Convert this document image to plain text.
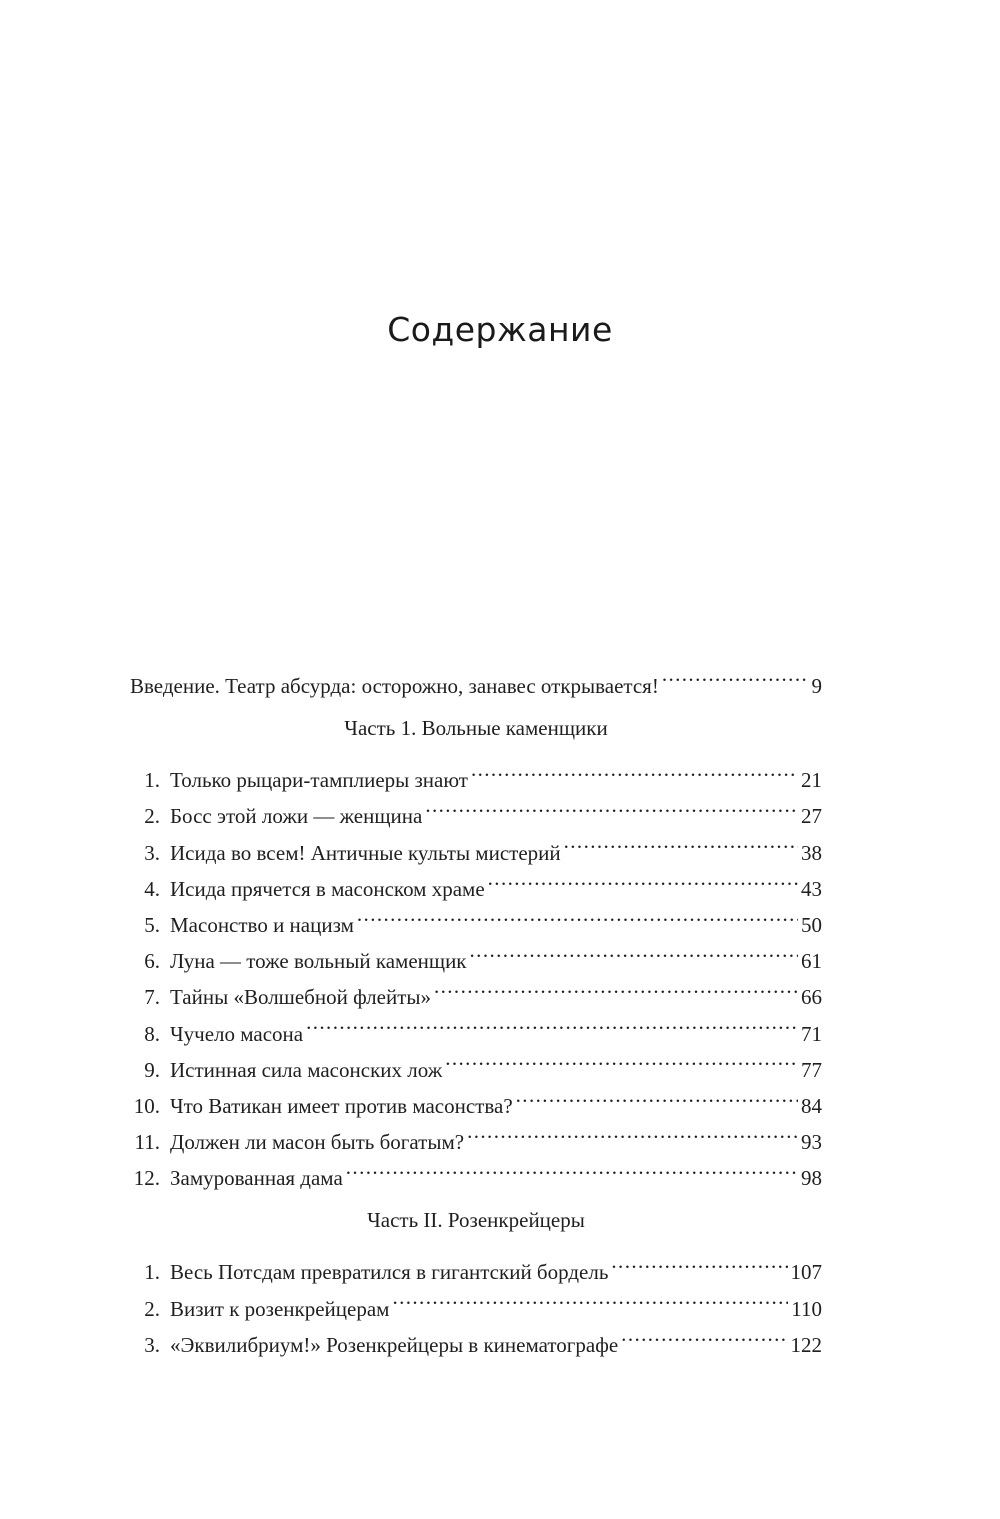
Содержание
Введение. Театр абсурда: осторожно, занавес открывается! .....	9
Часть 1. Вольные каменщики
1. Только рыцари-тамплиеры знают .....	21
2. Босс этой ложи — женщина .....	27
3. Исида во всем! Античные культы мистерий .....	38
4. Исида прячется в масонском храме .....	43
5. Масонство и нацизм .....	50
6. Луна — тоже вольный каменщик .....	61
7. Тайны «Волшебной флейты» .....	66
8. Чучело масона .....	71
9. Истинная сила масонских лож .....	77
10. Что Ватикан имеет против масонства? .....	84
11. Должен ли масон быть богатым? .....	93
12. Замурованная дама .....	98
Часть II. Розенкрейцеры
1. Весь Потсдам превратился в гигантский бордель .....	107
2. Визит к розенкрейцерам .....	110
3. «Эквилибриум!» Розенкрейцеры в кинематографе .....	122
